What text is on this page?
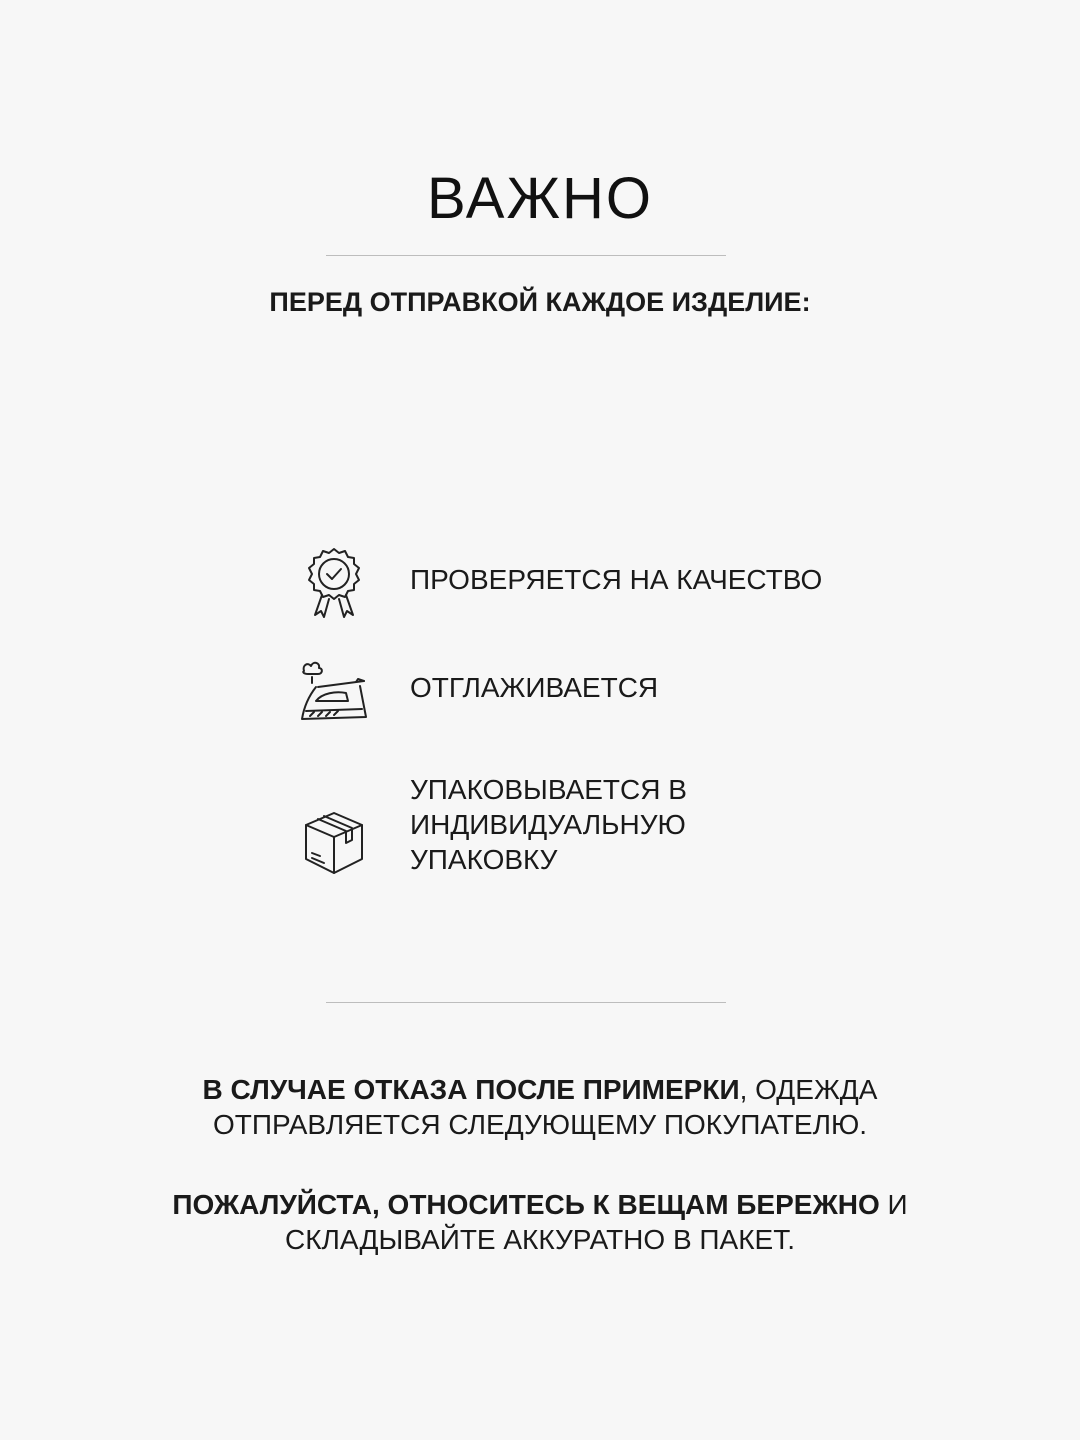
ВАЖНО
ПЕРЕД ОТПРАВКОЙ КАЖДОЕ ИЗДЕЛИЕ:
ПРОВЕРЯЕТСЯ НА КАЧЕСТВО
ОТГЛАЖИВАЕТСЯ
УПАКОВЫВАЕТСЯ В ИНДИВИДУАЛЬНУЮ УПАКОВКУ
В СЛУЧАЕ ОТКАЗА ПОСЛЕ ПРИМЕРКИ, ОДЕЖДА ОТПРАВЛЯЕТСЯ СЛЕДУЮЩЕМУ ПОКУПАТЕЛЮ.
ПОЖАЛУЙСТА, ОТНОСИТЕСЬ К ВЕЩАМ БЕРЕЖНО И СКЛАДЫВАЙТЕ АККУРАТНО В ПАКЕТ.
